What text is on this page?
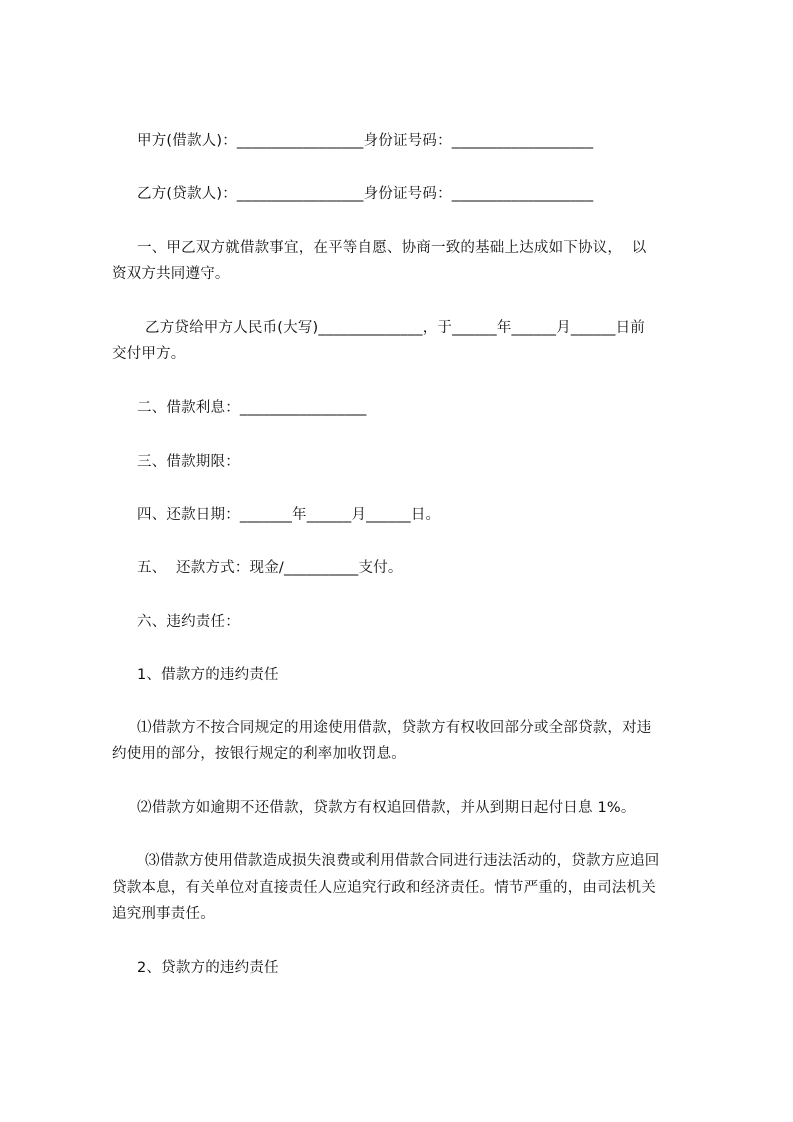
甲方(借款人)：_________________身份证号码：___________________
乙方(贷款人)：_________________身份证号码：___________________
一、甲乙双方就借款事宜，在平等自愿、协商一致的基础上达成如下协议，  以
资双方共同遵守。
乙方贷给甲方人民币(大写)______________，于______年______月______日前
交付甲方。
二、借款利息：_________________
三、借款期限：
四、还款日期：_______年______月______日。
五、  还款方式：现金/__________支付。
六、违约责任：
1、借款方的违约责任
⑴借款方不按合同规定的用途使用借款，贷款方有权收回部分或全部贷款，对违
约使用的部分，按银行规定的利率加收罚息。
⑵借款方如逾期不还借款，贷款方有权追回借款，并从到期日起付日息 1%。
⑶借款方使用借款造成损失浪费或利用借款合同进行违法活动的，贷款方应追回
贷款本息，有关单位对直接责任人应追究行政和经济责任。情节严重的，由司法机关
追究刑事责任。
2、贷款方的违约责任
